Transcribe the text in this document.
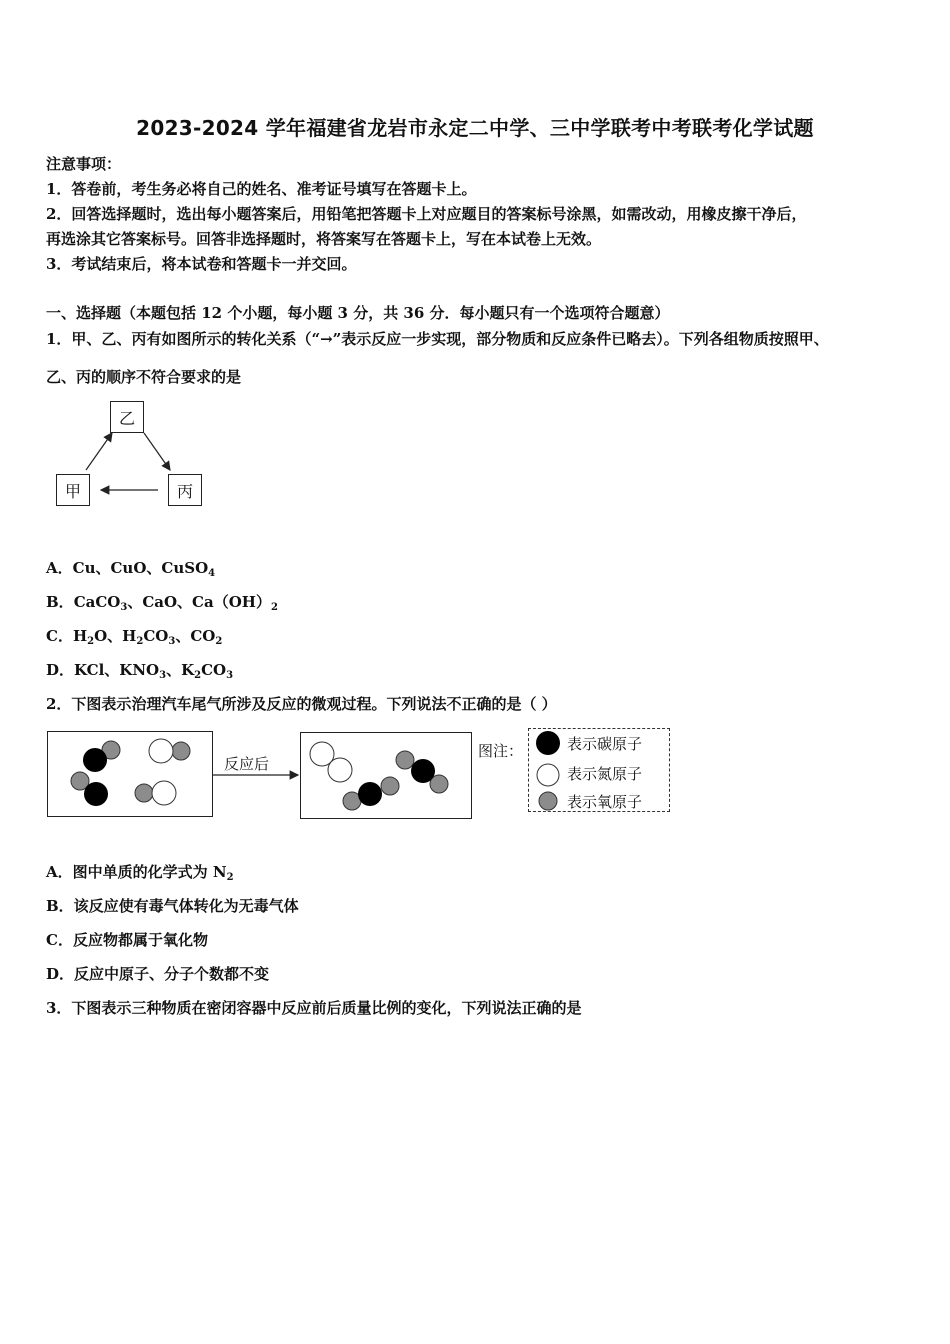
2023-2024 学年福建省龙岩市永定二中学、三中学联考中考联考化学试题
注意事项：
1．答卷前，考生务必将自己的姓名、准考证号填写在答题卡上。
2．回答选择题时，选出每小题答案后，用铅笔把答题卡上对应题目的答案标号涂黑，如需改动，用橡皮擦干净后，
再选涂其它答案标号。回答非选择题时，将答案写在答题卡上，写在本试卷上无效。
3．考试结束后，将本试卷和答题卡一并交回。
一、选择题（本题包括 12 个小题，每小题 3 分，共 36 分．每小题只有一个选项符合题意）
1．甲、乙、丙有如图所示的转化关系（“→”表示反应一步实现，部分物质和反应条件已略去）。下列各组物质按照甲、
乙、丙的顺序不符合要求的是
乙
甲	丙
A．Cu、CuO、CuSO$_4$
B．CaCO$_3$、CaO、$Ca(OH)_2$
C．$H_2O$、$H_2CO_3$、$CO_2$
D．KCl、$KNO_3$、$K_2CO_3$
2．下图表示治理汽车尾气所涉及反应的微观过程。下列说法不正确的是（ ）
反应后
图注：	表示碳原子
表示氮原子
表示氧原子
A．图中单质的化学式为 $N_2$
B．该反应使有毒气体转化为无毒气体
C．反应物都属于氧化物
D．反应中原子、分子个数都不变
3．下图表示三种物质在密闭容器中反应前后质量比例的变化，下列说法正确的是
